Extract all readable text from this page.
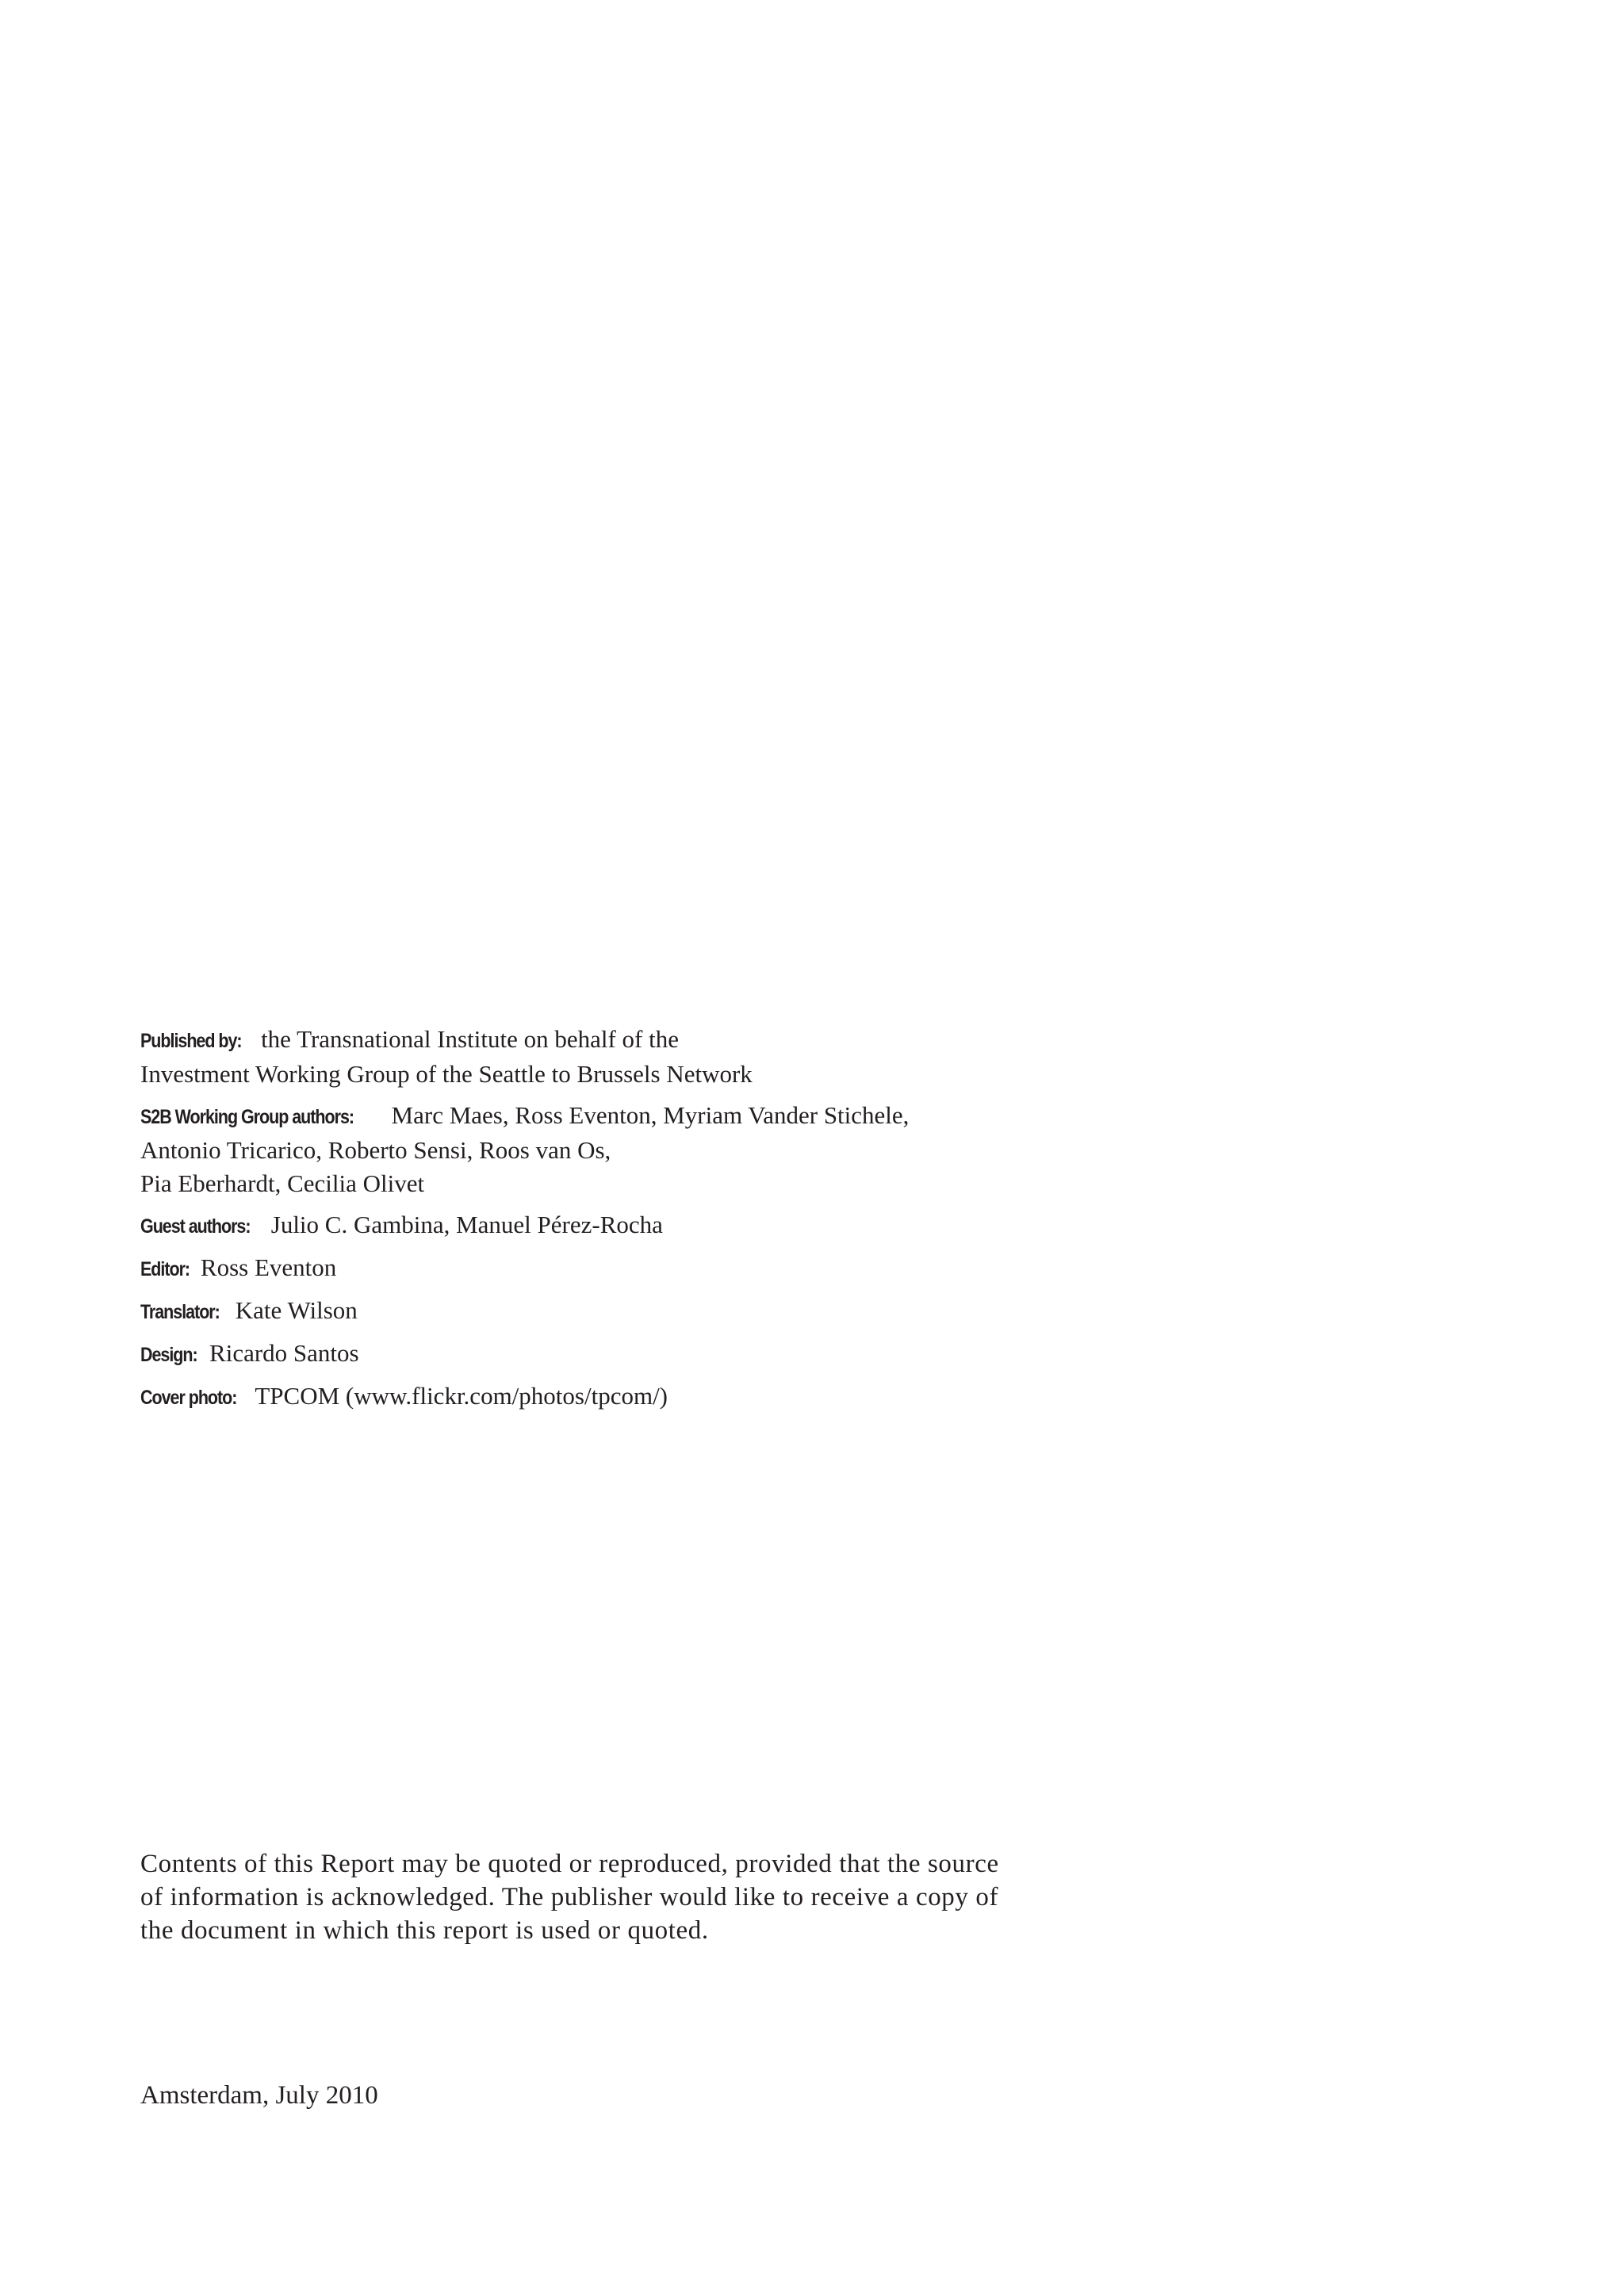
Published by: the Transnational Institute on behalf of the
Investment Working Group of the Seattle to Brussels Network

S2B Working Group authors: Marc Maes, Ross Eventon, Myriam Vander Stichele,
Antonio Tricarico, Roberto Sensi, Roos van Os,
Pia Eberhardt, Cecilia Olivet

Guest authors: Julio C. Gambina, Manuel Pérez-Rocha

Editor: Ross Eventon

Translator: Kate Wilson

Design: Ricardo Santos

Cover photo: TPCOM (www.flickr.com/photos/tpcom/)

Contents of this Report may be quoted or reproduced, provided that the source
of information is acknowledged. The publisher would like to receive a copy of
the document in which this report is used or quoted.

Amsterdam, July 2010
